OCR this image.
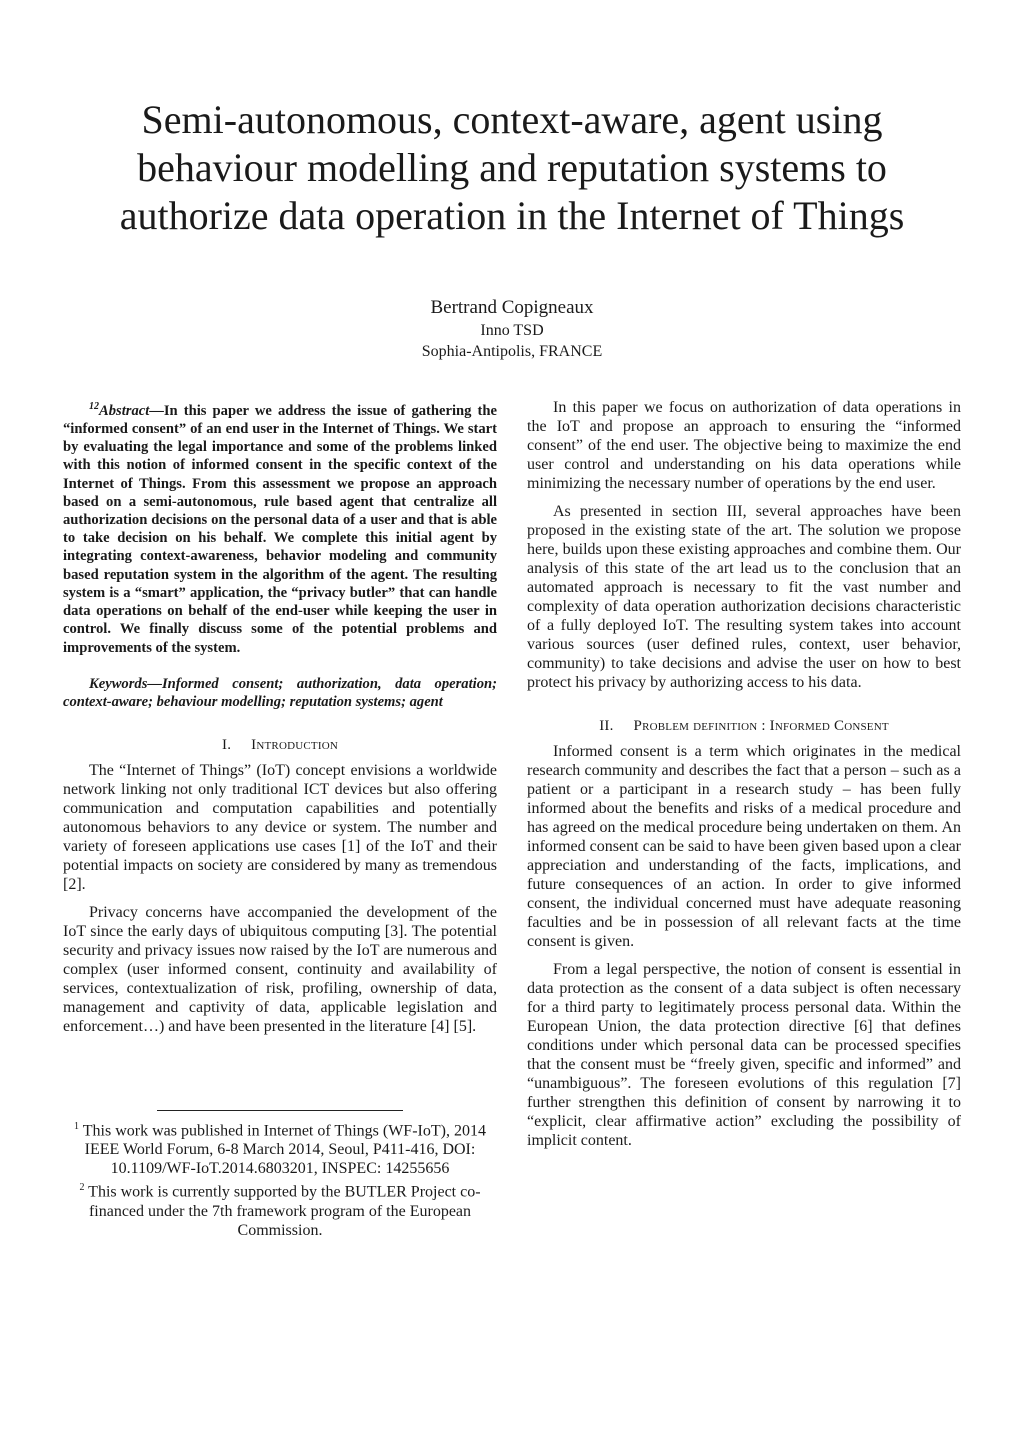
Semi-autonomous, context-aware, agent using
behaviour modelling and reputation systems to
authorize data operation in the Internet of Things
Bertrand Copigneaux
Inno TSD
Sophia-Antipolis, FRANCE

$^{12}$Abstract—In this paper we address the issue of gathering the “informed consent” of an end user in the Internet of Things. We start by evaluating the legal importance and some of the problems linked with this notion of informed consent in the specific context of the Internet of Things. From this assessment we propose an approach based on a semi-autonomous, rule based agent that centralize all authorization decisions on the personal data of a user and that is able to take decision on his behalf. We complete this initial agent by integrating context-awareness, behavior modeling and community based reputation system in the algorithm of the agent. The resulting system is a “smart” application, the “privacy butler” that can handle data operations on behalf of the end-user while keeping the user in control. We finally discuss some of the potential problems and improvements of the system.

Keywords—Informed consent; authorization, data operation; context-aware; behaviour modelling; reputation systems; agent

I. Introduction

The “Internet of Things” (IoT) concept envisions a worldwide network linking not only traditional ICT devices but also offering communication and computation capabilities and potentially autonomous behaviors to any device or system. The number and variety of foreseen applications use cases [1] of the IoT and their potential impacts on society are considered by many as tremendous [2].

Privacy concerns have accompanied the development of the IoT since the early days of ubiquitous computing [3]. The potential security and privacy issues now raised by the IoT are numerous and complex (user informed consent, continuity and availability of services, contextualization of risk, profiling, ownership of data, management and captivity of data, applicable legislation and enforcement…) and have been presented in the literature [4] [5].

$^1$ This work was published in Internet of Things (WF-IoT), 2014 IEEE World Forum, 6-8 March 2014, Seoul, P411-416, DOI: 10.1109/WF-IoT.2014.6803201, INSPEC: 14255656
$^2$ This work is currently supported by the BUTLER Project co-financed under the 7th framework program of the European Commission.

In this paper we focus on authorization of data operations in the IoT and propose an approach to ensuring the “informed consent” of the end user. The objective being to maximize the end user control and understanding on his data operations while minimizing the necessary number of operations by the end user.

As presented in section III, several approaches have been proposed in the existing state of the art. The solution we propose here, builds upon these existing approaches and combine them. Our analysis of this state of the art lead us to the conclusion that an automated approach is necessary to fit the vast number and complexity of data operation authorization decisions characteristic of a fully deployed IoT. The resulting system takes into account various sources (user defined rules, context, user behavior, community) to take decisions and advise the user on how to best protect his privacy by authorizing access to his data.

II. Problem definition : Informed Consent

Informed consent is a term which originates in the medical research community and describes the fact that a person – such as a patient or a participant in a research study – has been fully informed about the benefits and risks of a medical procedure and has agreed on the medical procedure being undertaken on them. An informed consent can be said to have been given based upon a clear appreciation and understanding of the facts, implications, and future consequences of an action. In order to give informed consent, the individual concerned must have adequate reasoning faculties and be in possession of all relevant facts at the time consent is given.

From a legal perspective, the notion of consent is essential in data protection as the consent of a data subject is often necessary for a third party to legitimately process personal data. Within the European Union, the data protection directive [6] that defines conditions under which personal data can be processed specifies that the consent must be “freely given, specific and informed” and “unambiguous”. The foreseen evolutions of this regulation [7] further strengthen this definition of consent by narrowing it to “explicit, clear affirmative action” excluding the possibility of implicit content.
